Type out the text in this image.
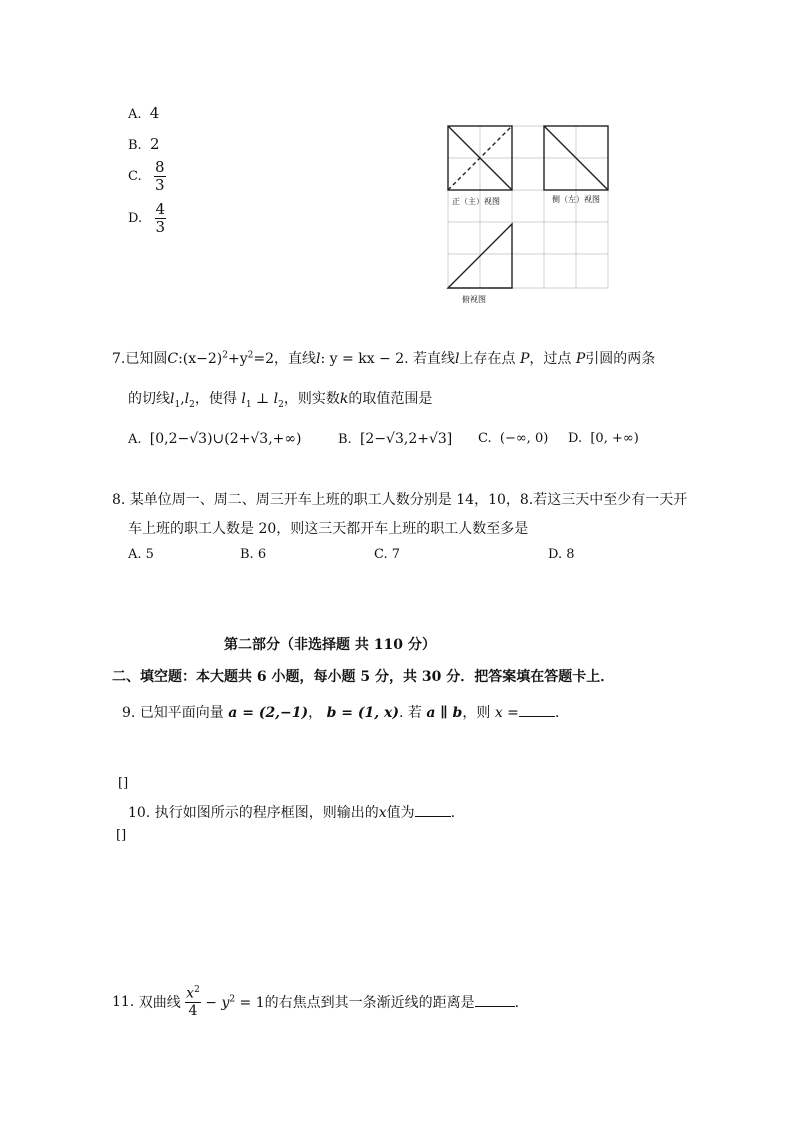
A. 4
B. 2
C. $\frac{8}{3}$
D. $\frac{4}{3}$
正（主）视图	侧（左）视图
俯视图
7.已知圆$C:(x-2)^2+y^2=2$，直线l: y = kx − 2. 若直线l上存在点 P，过点 P引圆的两条
的切线$l_1,l_2$，使得 $l_1$ ⊥ $l_2$，则实数k的取值范围是
A. [0,2−√3)∪(2+√3,+∞)	B. [2−√3,2+√3] C. (−∞, 0) D. [0, +∞)
8. 某单位周一、周二、周三开车上班的职工人数分别是 14，10，8.若这三天中至少有一天开
车上班的职工人数是 20，则这三天都开车上班的职工人数至多是
A. 5	B. 6	C. 7	D. 8
第二部分（非选择题 共 110 分）
二、填空题：本大题共 6 小题，每小题 5 分，共 30 分．把答案填在答题卡上．
9. 已知平面向量 a = (2,−1)， b = (1, x). 若 a ∥ b，则 x =	.
[]
10. 执行如图所示的程序框图，则输出的x值为	.
[]
11. 双曲线 $\frac{x^2}{4} - y^2 = 1$的右焦点到其一条渐近线的距离是	.
